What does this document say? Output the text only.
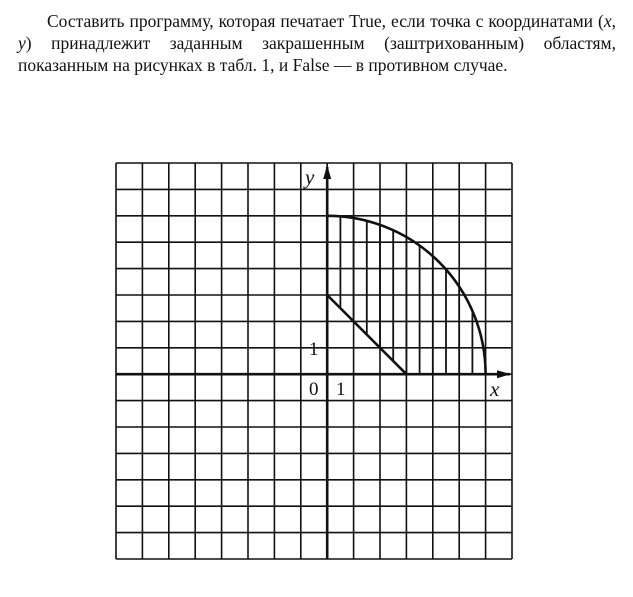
Составить программу, которая печатает True, если точка с координатами (x, y) принадлежит заданным закрашенным (заштрихованным) областям, показанным на рисунках в табл. 1, и False — в противном случае.
y
x
1
0 1
